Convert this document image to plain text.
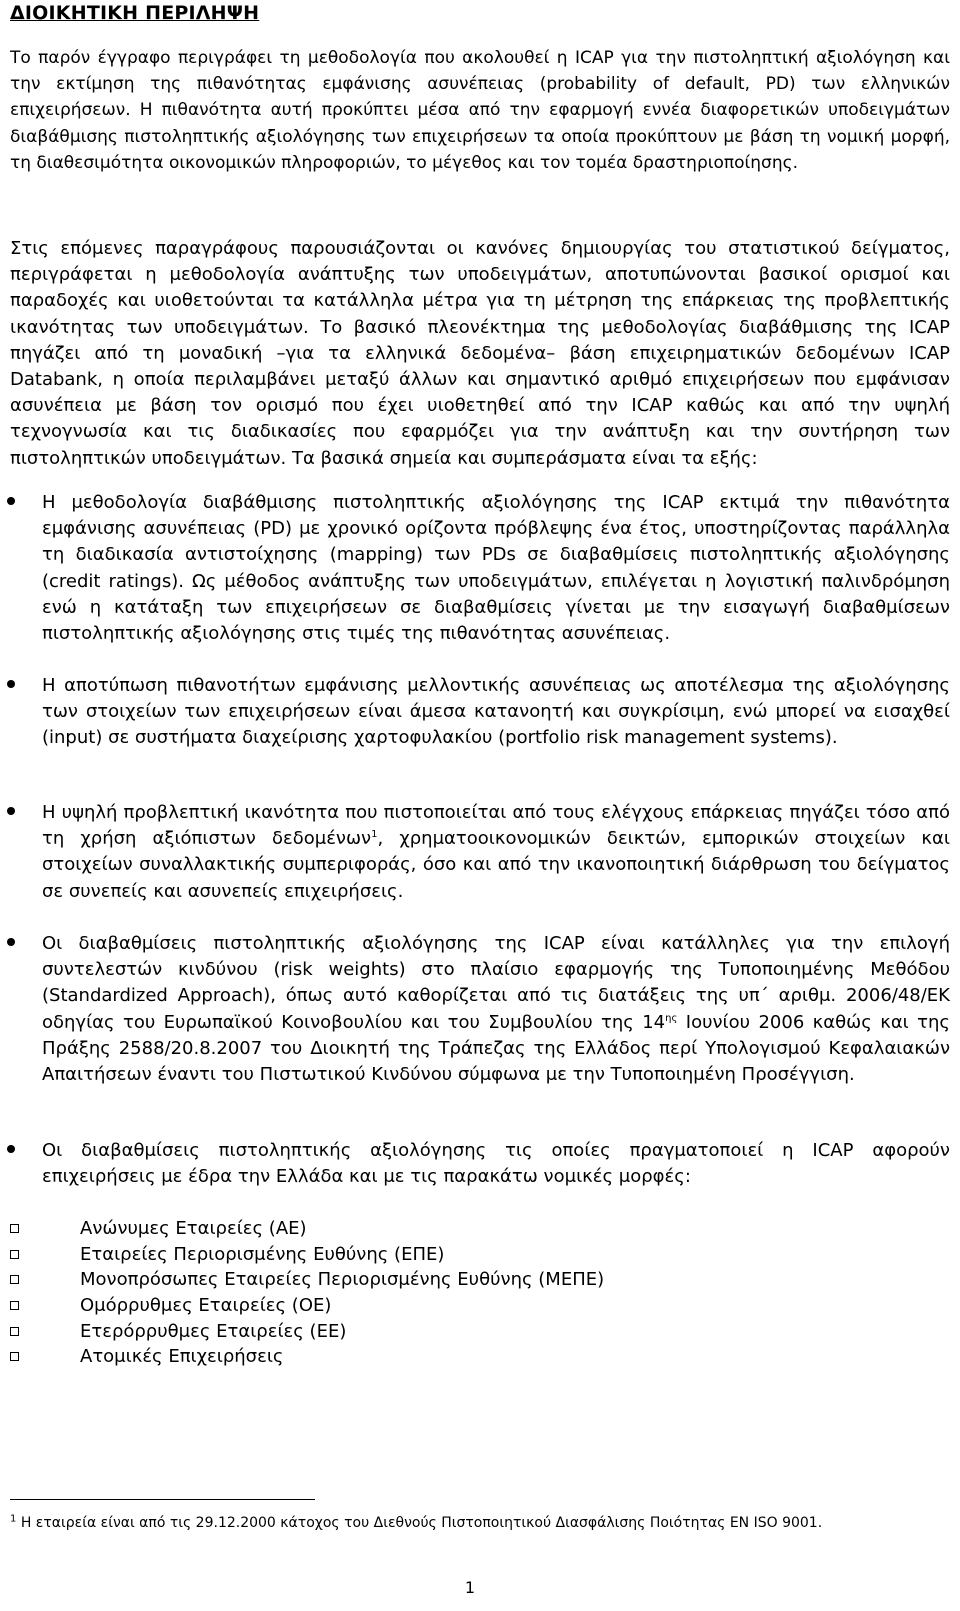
ΔΙΟΙΚΗΤΙΚΗ ΠΕΡΙΛΗΨΗ

Το παρόν έγγραφο περιγράφει τη μεθοδολογία που ακολουθεί η ICAP για την πιστοληπτική αξιολόγηση και την εκτίμηση της πιθανότητας εμφάνισης ασυνέπειας (probability of default, PD) των ελληνικών επιχειρήσεων. Η πιθανότητα αυτή προκύπτει μέσα από την εφαρμογή εννέα διαφορετικών υποδειγμάτων διαβάθμισης πιστοληπτικής αξιολόγησης των επιχειρήσεων τα οποία προκύπτουν με βάση τη νομική μορφή, τη διαθεσιμότητα οικονομικών πληροφοριών, το μέγεθος και τον τομέα δραστηριοποίησης.

Στις επόμενες παραγράφους παρουσιάζονται οι κανόνες δημιουργίας του στατιστικού δείγματος, περιγράφεται η μεθοδολογία ανάπτυξης των υποδειγμάτων, αποτυπώνονται βασικοί ορισμοί και παραδοχές και υιοθετούνται τα κατάλληλα μέτρα για τη μέτρηση της επάρκειας της προβλεπτικής ικανότητας των υποδειγμάτων. Το βασικό πλεονέκτημα της μεθοδολογίας διαβάθμισης της ICAP πηγάζει από τη μοναδική –για τα ελληνικά δεδομένα– βάση επιχειρηματικών δεδομένων ICAP Databank, η οποία περιλαμβάνει μεταξύ άλλων και σημαντικό αριθμό επιχειρήσεων που εμφάνισαν ασυνέπεια με βάση τον ορισμό που έχει υιοθετηθεί από την ICAP καθώς και από την υψηλή τεχνογνωσία και τις διαδικασίες που εφαρμόζει για την ανάπτυξη και την συντήρηση των πιστοληπτικών υποδειγμάτων. Τα βασικά σημεία και συμπεράσματα είναι τα εξής:

Η μεθοδολογία διαβάθμισης πιστοληπτικής αξιολόγησης της ICAP εκτιμά την πιθανότητα εμφάνισης ασυνέπειας (PD) με χρονικό ορίζοντα πρόβλεψης ένα έτος, υποστηρίζοντας παράλληλα τη διαδικασία αντιστοίχησης (mapping) των PDs σε διαβαθμίσεις πιστοληπτικής αξιολόγησης (credit ratings). Ως μέθοδος ανάπτυξης των υποδειγμάτων, επιλέγεται η λογιστική παλινδρόμηση ενώ η κατάταξη των επιχειρήσεων σε διαβαθμίσεις γίνεται με την εισαγωγή διαβαθμίσεων πιστοληπτικής αξιολόγησης στις τιμές της πιθανότητας ασυνέπειας.
Η αποτύπωση πιθανοτήτων εμφάνισης μελλοντικής ασυνέπειας ως αποτέλεσμα της αξιολόγησης των στοιχείων των επιχειρήσεων είναι άμεσα κατανοητή και συγκρίσιμη, ενώ μπορεί να εισαχθεί (input) σε συστήματα διαχείρισης χαρτοφυλακίου (portfolio risk management systems).
Η υψηλή προβλεπτική ικανότητα που πιστοποιείται από τους ελέγχους επάρκειας πηγάζει τόσο από τη χρήση αξιόπιστων δεδομένων$^1$, χρηματοοικονομικών δεικτών, εμπορικών στοιχείων και στοιχείων συναλλακτικής συμπεριφοράς, όσο και από την ικανοποιητική διάρθρωση του δείγματος σε συνεπείς και ασυνεπείς επιχειρήσεις.
Οι διαβαθμίσεις πιστοληπτικής αξιολόγησης της ICAP είναι κατάλληλες για την επιλογή συντελεστών κινδύνου (risk weights) στο πλαίσιο εφαρμογής της Τυποποιημένης Μεθόδου (Standardized Approach), όπως αυτό καθορίζεται από τις διατάξεις της υπ΄ αριθμ. 2006/48/ΕΚ οδηγίας του Ευρωπαϊκού Κοινοβουλίου και του Συμβουλίου της $14^{\eta\varsigma}$ Ιουνίου 2006 καθώς και της Πράξης 2588/20.8.2007 του Διοικητή της Τράπεζας της Ελλάδος περί Υπολογισμού Κεφαλαιακών Απαιτήσεων έναντι του Πιστωτικού Κινδύνου σύμφωνα με την Τυποποιημένη Προσέγγιση.
Οι διαβαθμίσεις πιστοληπτικής αξιολόγησης τις οποίες πραγματοποιεί η ICAP αφορούν επιχειρήσεις με έδρα την Ελλάδα και με τις παρακάτω νομικές μορφές:
Ανώνυμες Εταιρείες (ΑΕ)
Εταιρείες Περιορισμένης Ευθύνης (ΕΠΕ)
Μονοπρόσωπες Εταιρείες Περιορισμένης Ευθύνης (ΜΕΠΕ)
Ομόρρυθμες Εταιρείες (ΟΕ)
Ετερόρρυθμες Εταιρείες (ΕΕ)
Ατομικές Επιχειρήσεις
$^1$ Η εταιρεία είναι από τις 29.12.2000 κάτοχος του Διεθνούς Πιστοποιητικού Διασφάλισης Ποιότητας EN ISO 9001.
1
